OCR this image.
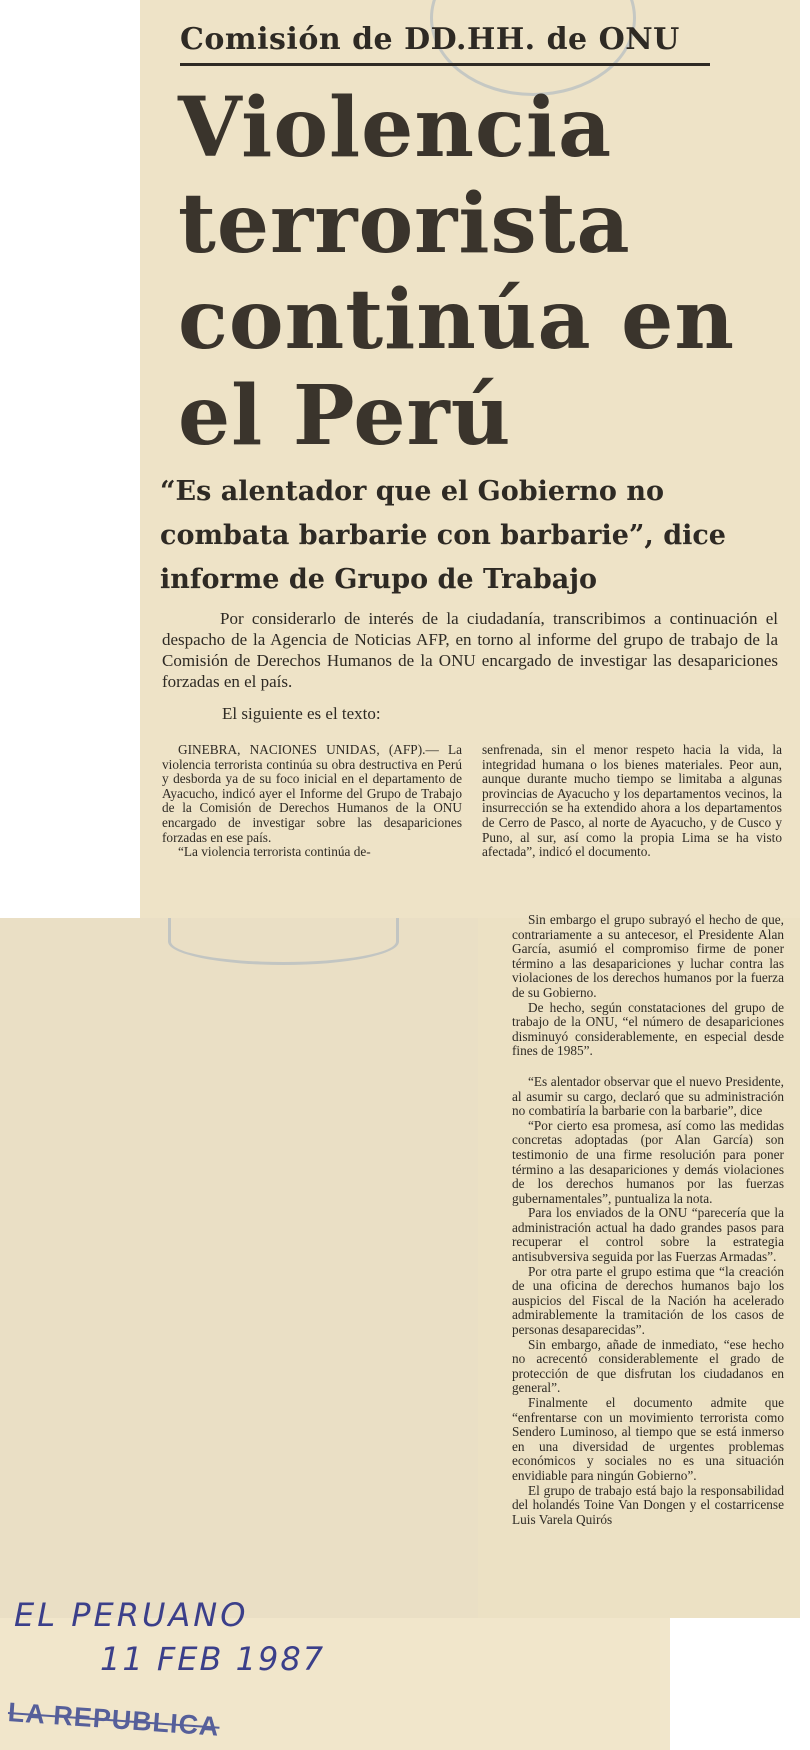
Comisión de DD.HH. de ONU
Violencia terrorista continúa en el Perú
“Es alentador que el Gobierno no combata barbarie con barbarie”, dice informe de Grupo de Trabajo

Por considerarlo de interés de la ciudadanía, transcribimos a continuación el despacho de la Agencia de Noticias AFP, en torno al informe del grupo de trabajo de la Comisión de Derechos Humanos de la ONU encargado de investigar las desapariciones forzadas en el país.

El siguiente es el texto:

GINEBRA, NACIONES UNIDAS, (AFP).— La violencia terrorista continúa su obra destructiva en Perú y desborda ya de su foco inicial en el departamento de Ayacucho, indicó ayer el Informe del Grupo de Trabajo de la Comisión de Derechos Humanos de la ONU encargado de investigar sobre las desapariciones forzadas en ese país.

“La violencia terrorista continúa de-

senfrenada, sin el menor respeto hacia la vida, la integridad humana o los bienes materiales. Peor aun, aunque durante mucho tiempo se limitaba a algunas provincias de Ayacucho y los departamentos vecinos, la insurrección se ha extendido ahora a los departamentos de Cerro de Pasco, al norte de Ayacucho, y de Cusco y Puno, al sur, así como la propia Lima se ha visto afectada”, indicó el documento.

Sin embargo el grupo subrayó el hecho de que, contrariamente a su antecesor, el Presidente Alan García, asumió el compromiso firme de poner término a las desapariciones y luchar contra las violaciones de los derechos humanos por la fuerza de su Gobierno.

De hecho, según constataciones del grupo de trabajo de la ONU, “el número de desapariciones disminuyó considerablemente, en especial desde fines de 1985”.

“Es alentador observar que el nuevo Presidente, al asumir su cargo, declaró que su administración no combatiría la barbarie con la barbarie”, dice

“Por cierto esa promesa, así como las medidas concretas adoptadas (por Alan García) son testimonio de una firme resolución para poner término a las desapariciones y demás violaciones de los derechos humanos por las fuerzas gubernamentales”, puntualiza la nota.

Para los enviados de la ONU “parecería que la administración actual ha dado grandes pasos para recuperar el control sobre la estrategia antisubversiva seguida por las Fuerzas Armadas”.

Por otra parte el grupo estima que “la creación de una oficina de derechos humanos bajo los auspicios del Fiscal de la Nación ha acelerado admirablemente la tramitación de los casos de personas desaparecidas”.

Sin embargo, añade de inmediato, “ese hecho no acrecentó considerablemente el grado de protección de que disfrutan los ciudadanos en general”.

Finalmente el documento admite que “enfrentarse con un movimiento terrorista como Sendero Luminoso, al tiempo que se está inmerso en una diversidad de urgentes problemas económicos y sociales no es una situación envidiable para ningún Gobierno”.

El grupo de trabajo está bajo la responsabilidad del holandés Toine Van Dongen y el costarricense Luis Varela Quirós

EL PERUANO
11 FEB 1987
LA REPUBLICA
